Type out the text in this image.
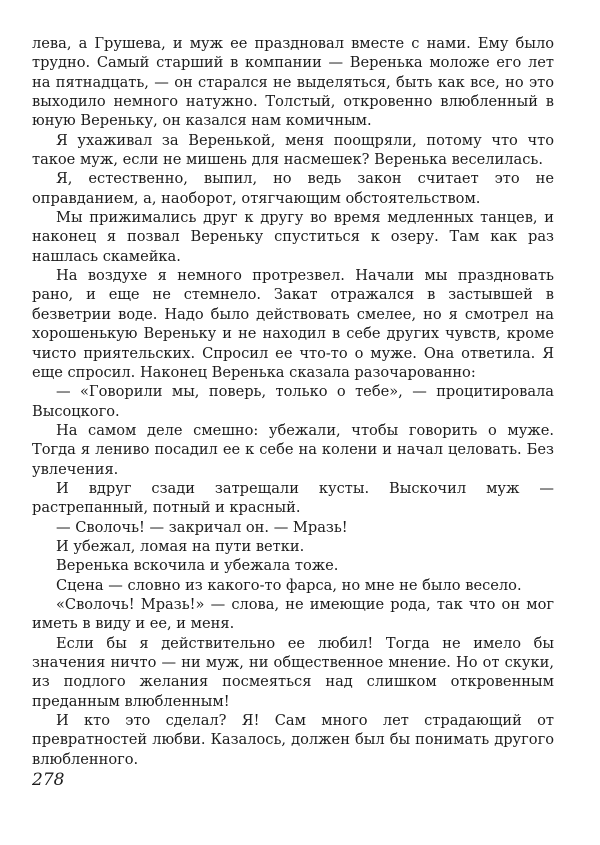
лева, а Грушева, и муж ее праздновал вместе с нами. Ему было трудно. Самый старший в компании — Веренька моложе его лет на пятнадцать, — он старался не выделяться, быть как все, но это выходило немного натужно. Толстый, откровенно влюбленный в юную Вереньку, он казался нам комичным.

Я ухаживал за Веренькой, меня поощряли, потому что что такое муж, если не мишень для насмешек? Веренька веселилась.

Я, естественно, выпил, но ведь закон считает это не оправданием, а, наоборот, отягчающим обстоятельством.

Мы прижимались друг к другу во время медленных танцев, и наконец я позвал Вереньку спуститься к озеру. Там как раз нашлась скамейка.

На воздухе я немного протрезвел. Начали мы праздновать рано, и еще не стемнело. Закат отражался в застывшей в безветрии воде. Надо было действовать смелее, но я смотрел на хорошенькую Вереньку и не находил в себе других чувств, кроме чисто приятельских. Спросил ее что-то о муже. Она ответила. Я еще спросил. Наконец Веренька сказала разочарованно:

— «Говорили мы, поверь, только о тебе», — процитировала Высоцкого.

На самом деле смешно: убежали, чтобы говорить о муже. Тогда я лениво посадил ее к себе на колени и начал целовать. Без увлечения.

И вдруг сзади затрещали кусты. Выскочил муж — растрепанный, потный и красный.

— Сволочь! — закричал он. — Мразь!

И убежал, ломая на пути ветки.

Веренька вскочила и убежала тоже.

Сцена — словно из какого-то фарса, но мне не было весело.

«Сволочь! Мразь!» — слова, не имеющие рода, так что он мог иметь в виду и ее, и меня.

Если бы я действительно ее любил! Тогда не имело бы значения ничто — ни муж, ни общественное мнение. Но от скуки, из подлого желания посмеяться над слишком откровенным преданным влюбленным!

И кто это сделал? Я! Сам много лет страдающий от превратностей любви. Казалось, должен был бы понимать другого влюбленного.

278
